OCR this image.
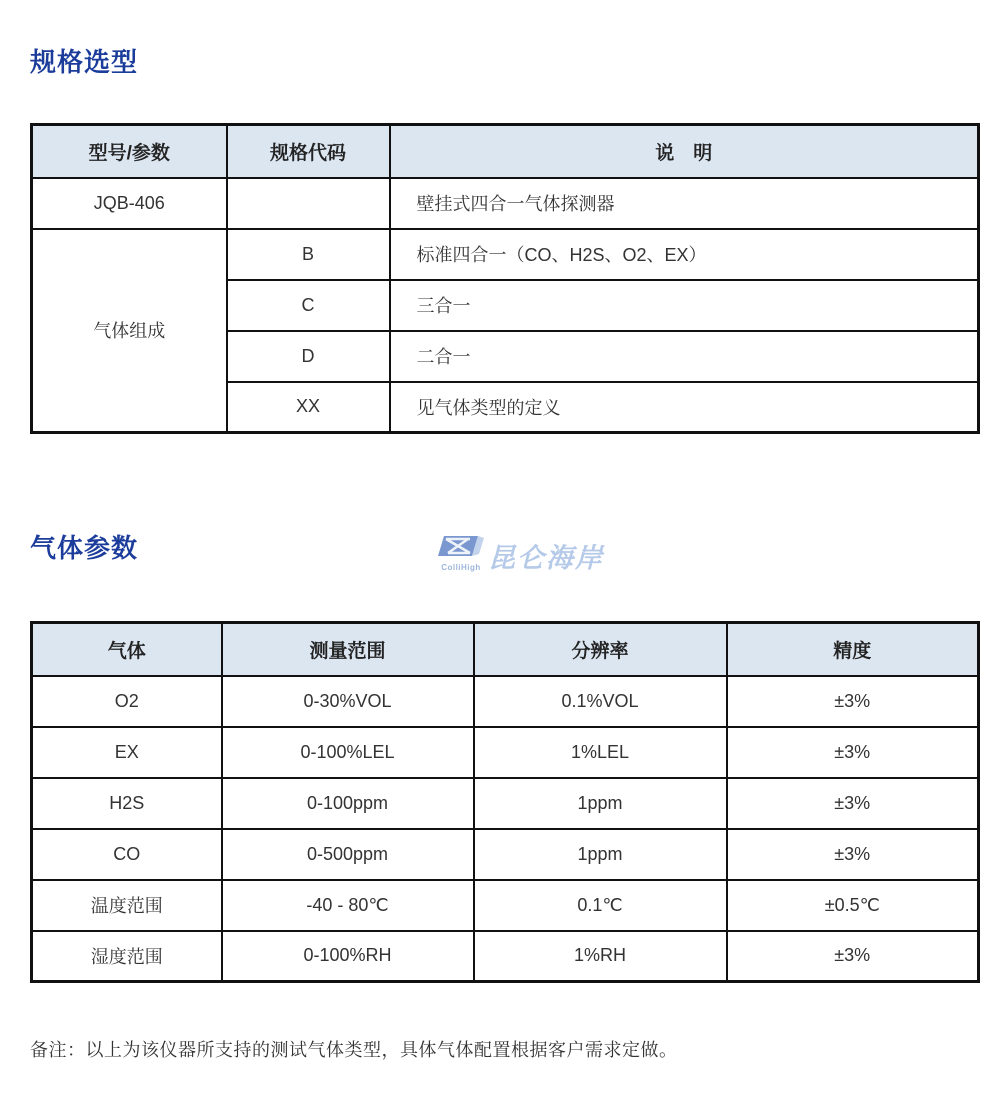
规格选型
型号/参数	规格代码	说　明
JQB-406		壁挂式四合一气体探测器
气体组成	B	标准四合一（CO、H2S、O2、EX）
	C	三合一
	D	二合一
	XX	见气体类型的定义
气体参数
ColliHigh 昆仑海岸
气体	测量范围	分辨率	精度
O2	0-30%VOL	0.1%VOL	±3%
EX	0-100%LEL	1%LEL	±3%
H2S	0-100ppm	1ppm	±3%
CO	0-500ppm	1ppm	±3%
温度范围	-40 - 80℃	0.1℃	±0.5℃
湿度范围	0-100%RH	1%RH	±3%

备注：以上为该仪器所支持的测试气体类型，具体气体配置根据客户需求定做。
